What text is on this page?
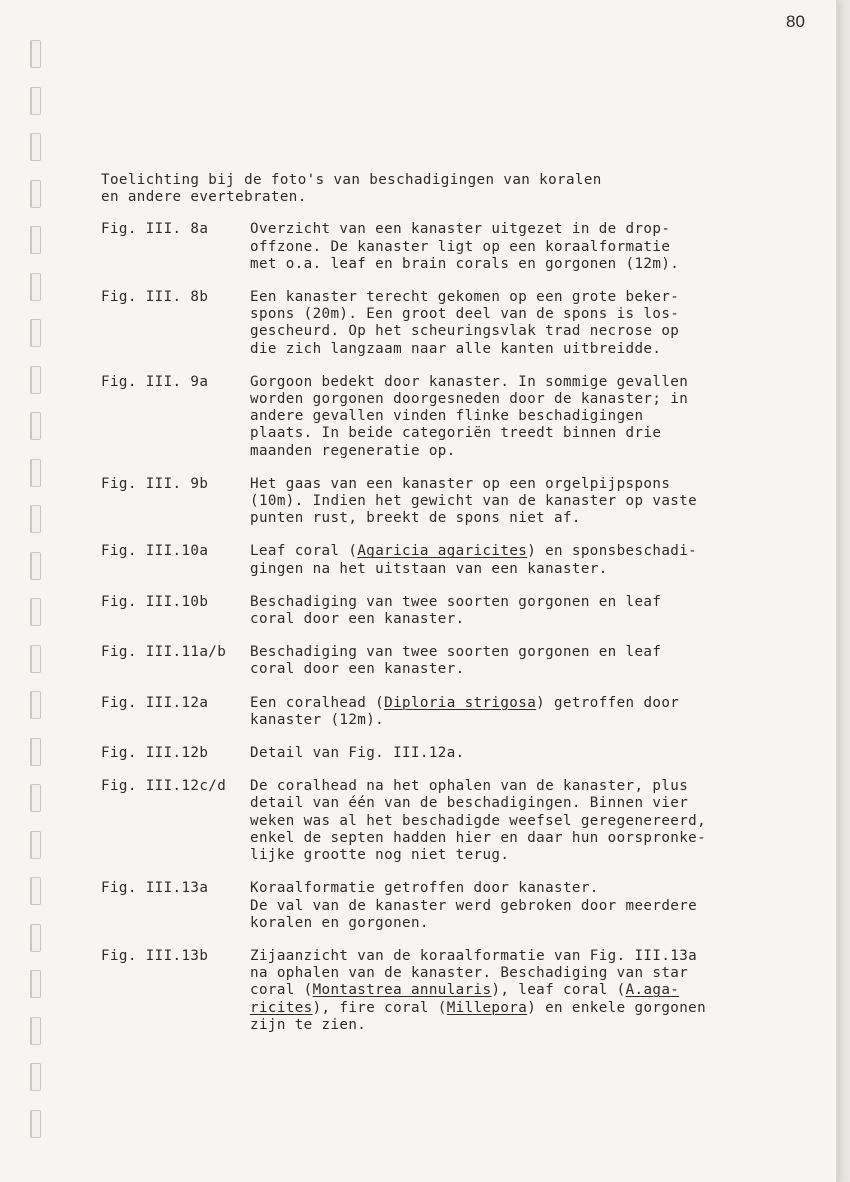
80
Toelichting bij de foto's van beschadigingen van koralen
en andere evertebraten.
Fig. III. 8a	Overzicht van een kanaster uitgezet in de drop-
offzone. De kanaster ligt op een koraalformatie
met o.a. leaf en brain corals en gorgonen (12m).
Fig. III. 8b	Een kanaster terecht gekomen op een grote beker-
spons (20m). Een groot deel van de spons is los-
gescheurd. Op het scheuringsvlak trad necrose op
die zich langzaam naar alle kanten uitbreidde.
Fig. III. 9a	Gorgoon bedekt door kanaster. In sommige gevallen
worden gorgonen doorgesneden door de kanaster; in
andere gevallen vinden flinke beschadigingen
plaats. In beide categoriën treedt binnen drie
maanden regeneratie op.
Fig. III. 9b	Het gaas van een kanaster op een orgelpijpspons
(10m). Indien het gewicht van de kanaster op vaste
punten rust, breekt de spons niet af.
Fig. III.10a	Leaf coral (Agaricia agaricites) en sponsbeschadi-
gingen na het uitstaan van een kanaster.
Fig. III.10b	Beschadiging van twee soorten gorgonen en leaf
coral door een kanaster.
Fig. III.11a/b	Beschadiging van twee soorten gorgonen en leaf
coral door een kanaster.
Fig. III.12a	Een coralhead (Diploria strigosa) getroffen door
kanaster (12m).
Fig. III.12b	Detail van Fig. III.12a.
Fig. III.12c/d	De coralhead na het ophalen van de kanaster, plus
detail van één van de beschadigingen. Binnen vier
weken was al het beschadigde weefsel geregenereerd,
enkel de septen hadden hier en daar hun oorspronke-
lijke grootte nog niet terug.
Fig. III.13a	Koraalformatie getroffen door kanaster.
De val van de kanaster werd gebroken door meerdere
koralen en gorgonen.
Fig. III.13b	Zijaanzicht van de koraalformatie van Fig. III.13a
na ophalen van de kanaster. Beschadiging van star
coral (Montastrea annularis), leaf coral (A.aga-
ricites), fire coral (Millepora) en enkele gorgonen
zijn te zien.
